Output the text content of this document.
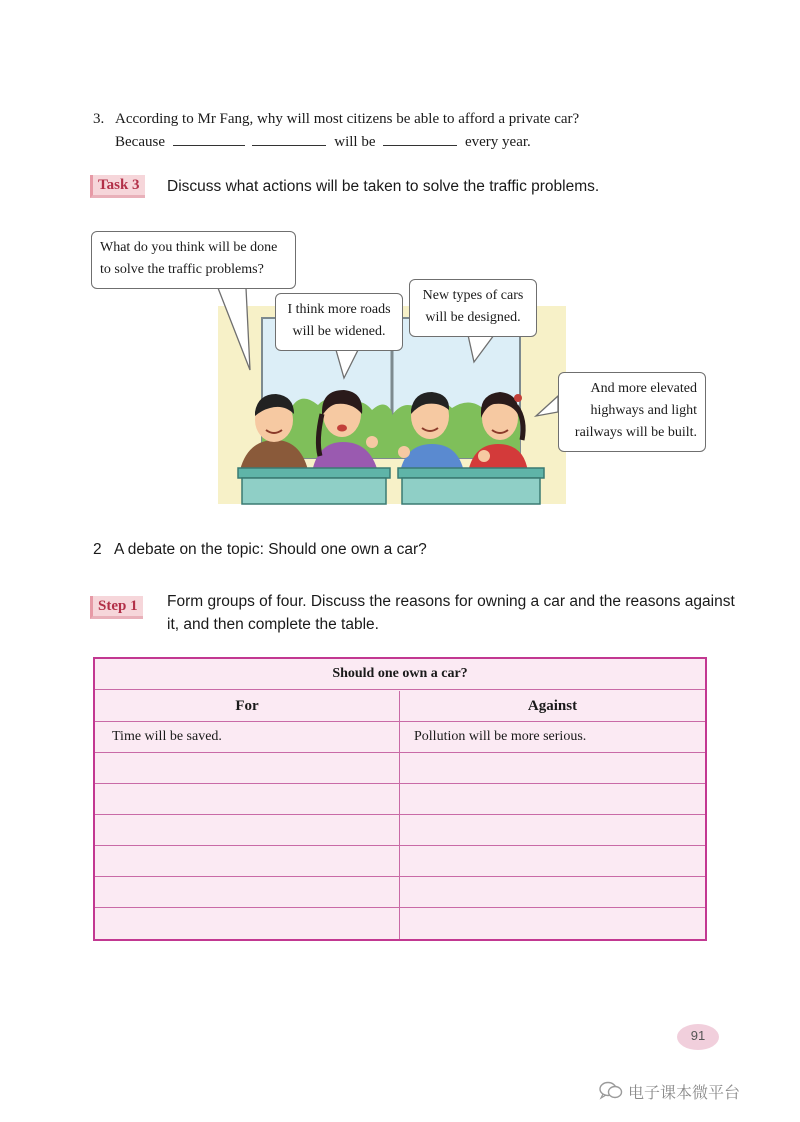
3. According to Mr Fang, why will most citizens be able to afford a private car?
Because	will be	every year.
Task 3	Discuss what actions will be taken to solve the traffic problems.
What do you think will be done
to solve the traffic problems?
I think more roads
will be widened.
New types of cars
will be designed.
And more elevated
highways and light
railways will be built.
2 A debate on the topic: Should one own a car?
Step 1	Form groups of four. Discuss the reasons for owning a car and the reasons against
it, and then complete the table.
Should one own a car?
For	Against
Time will be saved.	Pollution will be more serious.
91
电子课本微平台
